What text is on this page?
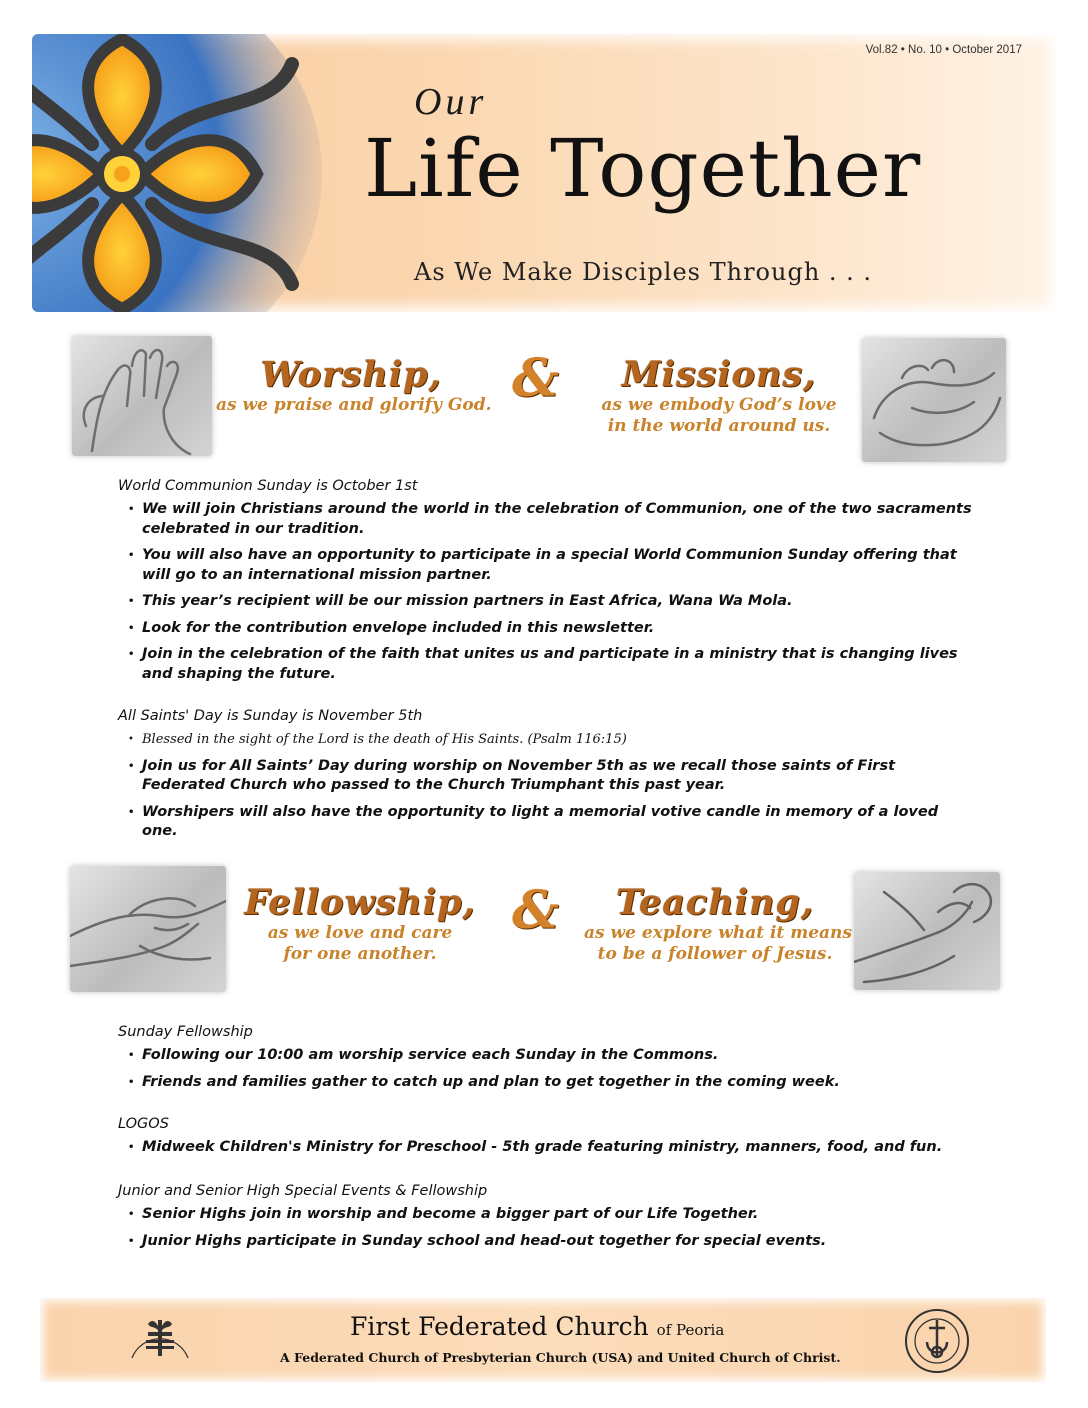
Vol.82 • No. 10 • October 2017
Our
Life Together
As We Make Disciples Through . . .
Worship,
as we praise and glorify God. &	Missions,
as we embody God’s love
in the world around us.
World Communion Sunday is October 1st
• We will join Christians around the world in the celebration of Communion, one of the two sacraments celebrated in our tradition.
• You will also have an opportunity to participate in a special World Communion Sunday offering that will go to an international mission partner.
• This year’s recipient will be our mission partners in East Africa, Wana Wa Mola.
• Look for the contribution envelope included in this newsletter.
• Join in the celebration of the faith that unites us and participate in a ministry that is changing lives and shaping the future.
All Saints' Day is Sunday is November 5th
• Blessed in the sight of the Lord is the death of His Saints. (Psalm 116:15)
• Join us for All Saints’ Day during worship on November 5th as we recall those saints of First Federated Church who passed to the Church Triumphant this past year.
• Worshipers will also have the opportunity to light a memorial votive candle in memory of a loved one.
Fellowship,
as we love and care
for one another.
&	Teaching,
as we explore what it means
to be a follower of Jesus.
Sunday Fellowship
• Following our 10:00 am worship service each Sunday in the Commons.
• Friends and families gather to catch up and plan to get together in the coming week.
LOGOS
• Midweek Children's Ministry for Preschool - 5th grade featuring ministry, manners, food, and fun.
Junior and Senior High Special Events & Fellowship
• Senior Highs join in worship and become a bigger part of our Life Together.
• Junior Highs participate in Sunday school and head-out together for special events.
First Federated Church of Peoria
A Federated Church of Presbyterian Church (USA) and United Church of Christ.
